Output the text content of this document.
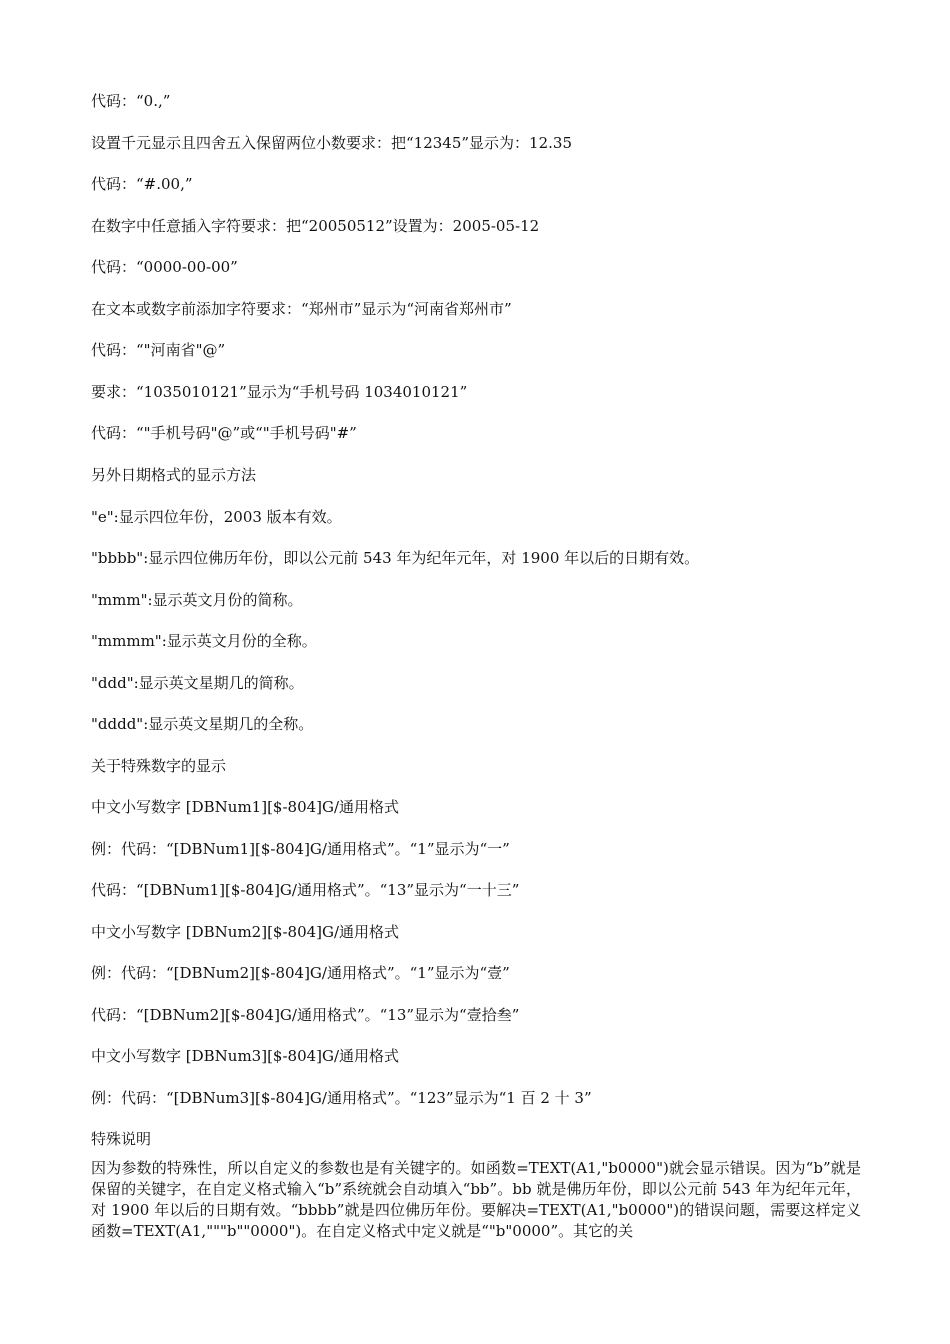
代码：“0.,”
设置千元显示且四舍五入保留两位小数要求：把“12345”显示为：12.35
代码：“#.00,”
在数字中任意插入字符要求：把“20050512”设置为：2005-05-12
代码：“0000-00-00”
在文本或数字前添加字符要求：“郑州市”显示为“河南省郑州市”
代码：“"河南省"@”
要求：“1035010121”显示为“手机号码 1034010121”
代码：“"手机号码"@”或“"手机号码"#”
另外日期格式的显示方法
"e":显示四位年份，2003 版本有效。
"bbbb":显示四位佛历年份，即以公元前 543 年为纪年元年，对 1900 年以后的日期有效。
"mmm":显示英文月份的简称。
"mmmm":显示英文月份的全称。
"ddd":显示英文星期几的简称。
"dddd":显示英文星期几的全称。
关于特殊数字的显示
中文小写数字 [DBNum1][$-804]G/通用格式
例：代码：“[DBNum1][$-804]G/通用格式”。“1”显示为“一”
代码：“[DBNum1][$-804]G/通用格式”。“13”显示为“一十三”
中文小写数字 [DBNum2][$-804]G/通用格式
例：代码：“[DBNum2][$-804]G/通用格式”。“1”显示为“壹”
代码：“[DBNum2][$-804]G/通用格式”。“13”显示为“壹拾叁”
中文小写数字 [DBNum3][$-804]G/通用格式
例：代码：“[DBNum3][$-804]G/通用格式”。“123”显示为“1 百 2 十 3”
特殊说明
因为参数的特殊性，所以自定义的参数也是有关键字的。如函数=TEXT(A1,"b0000")就会显示错误。因为“b”就是保留的关键字，在自定义格式输入“b”系统就会自动填入“bb”。bb 就是佛历年份，即以公元前 543 年为纪年元年，对 1900 年以后的日期有效。“bbbb”就是四位佛历年份。要解决=TEXT(A1,"b0000")的错误问题，需要这样定义函数=TEXT(A1,"""b""0000")。在自定义格式中定义就是“"b"0000”。其它的关
